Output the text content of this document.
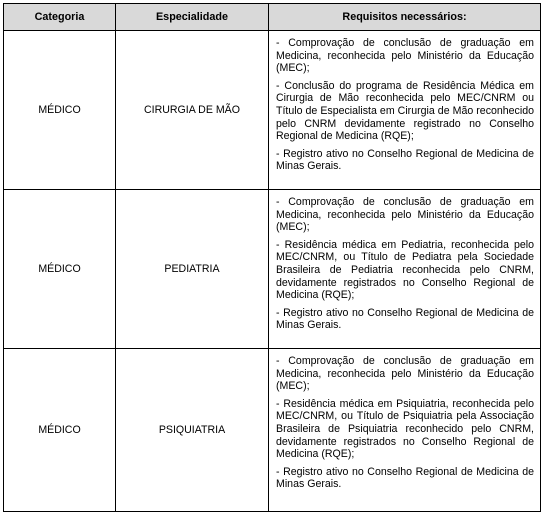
Categoria	Especialidade	Requisitos necessários:
MÉDICO	CIRURGIA DE MÃO	- Comprovação de conclusão de graduação em Medicina, reconhecida pelo Ministério da Educação (MEC);

- Conclusão do programa de Residência Médica em Cirurgia de Mão reconhecida pelo MEC/CNRM ou Título de Especialista em Cirurgia de Mão reconhecido pelo CNRM devidamente registrado no Conselho Regional de Medicina (RQE);

- Registro ativo no Conselho Regional de Medicina de Minas Gerais.

MÉDICO	PEDIATRIA	- Comprovação de conclusão de graduação em Medicina, reconhecida pelo Ministério da Educação (MEC);

- Residência médica em Pediatria, reconhecida pelo MEC/CNRM, ou Título de Pediatra pela Sociedade Brasileira de Pediatria reconhecida pelo CNRM, devidamente registrados no Conselho Regional de Medicina (RQE);

- Registro ativo no Conselho Regional de Medicina de Minas Gerais.

MÉDICO	PSIQUIATRIA	- Comprovação de conclusão de graduação em Medicina, reconhecida pelo Ministério da Educação (MEC);

- Residência médica em Psiquiatria, reconhecida pelo MEC/CNRM, ou Título de Psiquiatria pela Associação Brasileira de Psiquiatria reconhecido pelo CNRM, devidamente registrados no Conselho Regional de Medicina (RQE);

- Registro ativo no Conselho Regional de Medicina de Minas Gerais.
